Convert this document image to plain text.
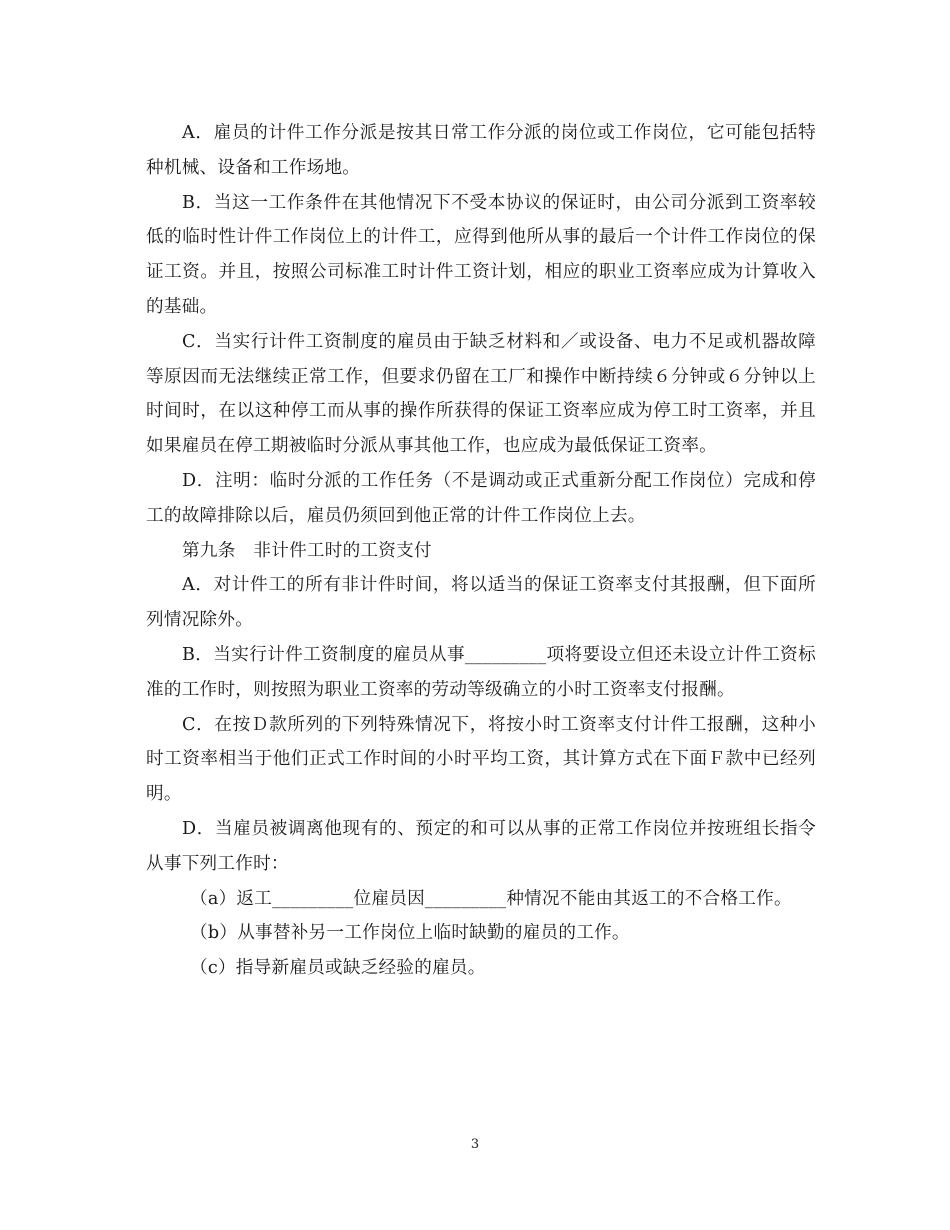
A．雇员的计件工作分派是按其日常工作分派的岗位或工作岗位，它可能包括特种机械、设备和工作场地。

B．当这一工作条件在其他情况下不受本协议的保证时，由公司分派到工资率较低的临时性计件工作岗位上的计件工，应得到他所从事的最后一个计件工作岗位的保证工资。并且，按照公司标准工时计件工资计划，相应的职业工资率应成为计算收入的基础。

C．当实行计件工资制度的雇员由于缺乏材料和／或设备、电力不足或机器故障等原因而无法继续正常工作，但要求仍留在工厂和操作中断持续６分钟或６分钟以上时间时，在以这种停工而从事的操作所获得的保证工资率应成为停工时工资率，并且如果雇员在停工期被临时分派从事其他工作，也应成为最低保证工资率。

D．注明：临时分派的工作任务（不是调动或正式重新分配工作岗位）完成和停工的故障排除以后，雇员仍须回到他正常的计件工作岗位上去。

第九条　非计件工时的工资支付

A．对计件工的所有非计件时间，将以适当的保证工资率支付其报酬，但下面所列情况除外。

B．当实行计件工资制度的雇员从事_________项将要设立但还未设立计件工资标准的工作时，则按照为职业工资率的劳动等级确立的小时工资率支付报酬。

C．在按Ｄ款所列的下列特殊情况下，将按小时工资率支付计件工报酬，这种小时工资率相当于他们正式工作时间的小时平均工资，其计算方式在下面Ｆ款中已经列明。

D．当雇员被调离他现有的、预定的和可以从事的正常工作岗位并按班组长指令从事下列工作时：

（a）返工_________位雇员因_________种情况不能由其返工的不合格工作。

（b）从事替补另一工作岗位上临时缺勤的雇员的工作。

（c）指导新雇员或缺乏经验的雇员。

3
